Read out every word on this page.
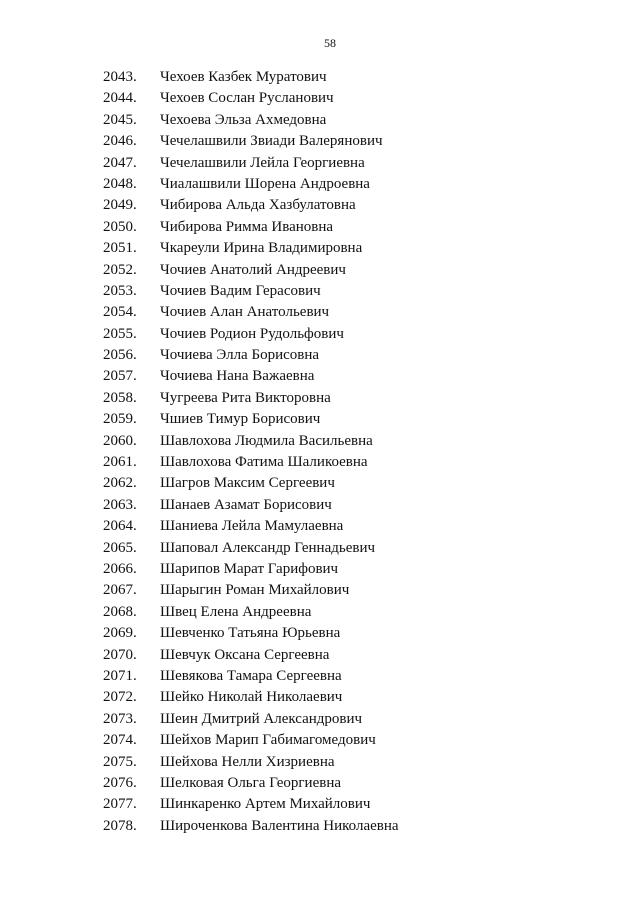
58
2043. Чехоев Казбек Муратович
2044. Чехоев Сослан Русланович
2045. Чехоева Эльза Ахмедовна
2046. Чечелашвили Звиади Валерянович
2047. Чечелашвили Лейла Георгиевна
2048. Чиалашвили Шорена Андроевна
2049. Чибирова Альда Хазбулатовна
2050. Чибирова Римма Ивановна
2051. Чкареули Ирина Владимировна
2052. Чочиев Анатолий Андреевич
2053. Чочиев Вадим Герасович
2054. Чочиев Алан Анатольевич
2055. Чочиев Родион Рудольфович
2056. Чочиева Элла Борисовна
2057. Чочиева Нана Важаевна
2058. Чугреева Рита Викторовна
2059. Чшиев Тимур Борисович
2060. Шавлохова Людмила Васильевна
2061. Шавлохова Фатима Шаликоевна
2062. Шагров Максим Сергеевич
2063. Шанаев Азамат Борисович
2064. Шаниева Лейла Мамулаевна
2065. Шаповал Александр Геннадьевич
2066. Шарипов Марат Гарифович
2067. Шарыгин Роман Михайлович
2068. Швец Елена Андреевна
2069. Шевченко Татьяна Юрьевна
2070. Шевчук Оксана Сергеевна
2071. Шевякова Тамара Сергеевна
2072. Шейко Николай Николаевич
2073. Шеин Дмитрий Александрович
2074. Шейхов Марип Габимагомедович
2075. Шейхова Нелли Хизриевна
2076. Шелковая Ольга Георгиевна
2077. Шинкаренко Артем Михайлович
2078. Широченкова Валентина Николаевна
